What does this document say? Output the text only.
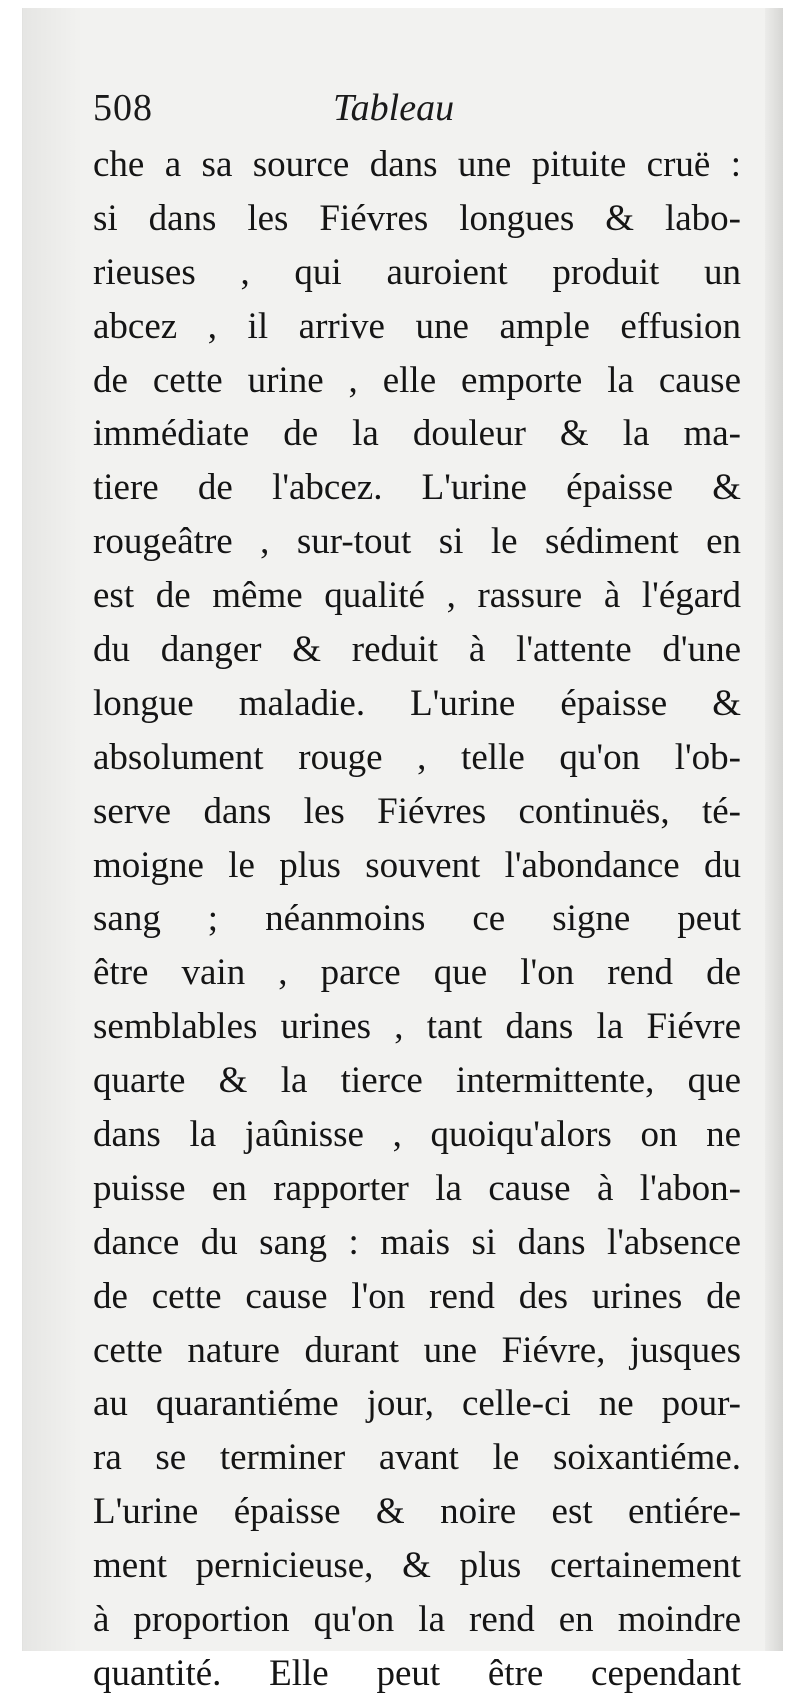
508	Tableau
che a sa source dans une pituite cruë :
si dans les Fiévres longues & labo-
rieuses , qui auroient produit un
abcez , il arrive une ample effusion
de cette urine , elle emporte la cause
immédiate de la douleur & la ma-
tiere de l'abcez. L'urine épaisse &
rougeâtre , sur-tout si le sédiment en
est de même qualité , rassure à l'égard
du danger & reduit à l'attente d'une
longue maladie. L'urine épaisse &
absolument rouge , telle qu'on l'ob-
serve dans les Fiévres continuës, té-
moigne le plus souvent l'abondance du
sang ; néanmoins ce signe peut
être vain , parce que l'on rend de
semblables urines , tant dans la Fiévre
quarte & la tierce intermittente, que
dans la jaûnisse , quoiqu'alors on ne
puisse en rapporter la cause à l'abon-
dance du sang : mais si dans l'absence
de cette cause l'on rend des urines de
cette nature durant une Fiévre, jusques
au quarantiéme jour, celle-ci ne pour-
ra se terminer avant le soixantiéme.
L'urine épaisse & noire est entiére-
ment pernicieuse, & plus certainement
à proportion qu'on la rend en moindre
quantité. Elle peut être cependant
